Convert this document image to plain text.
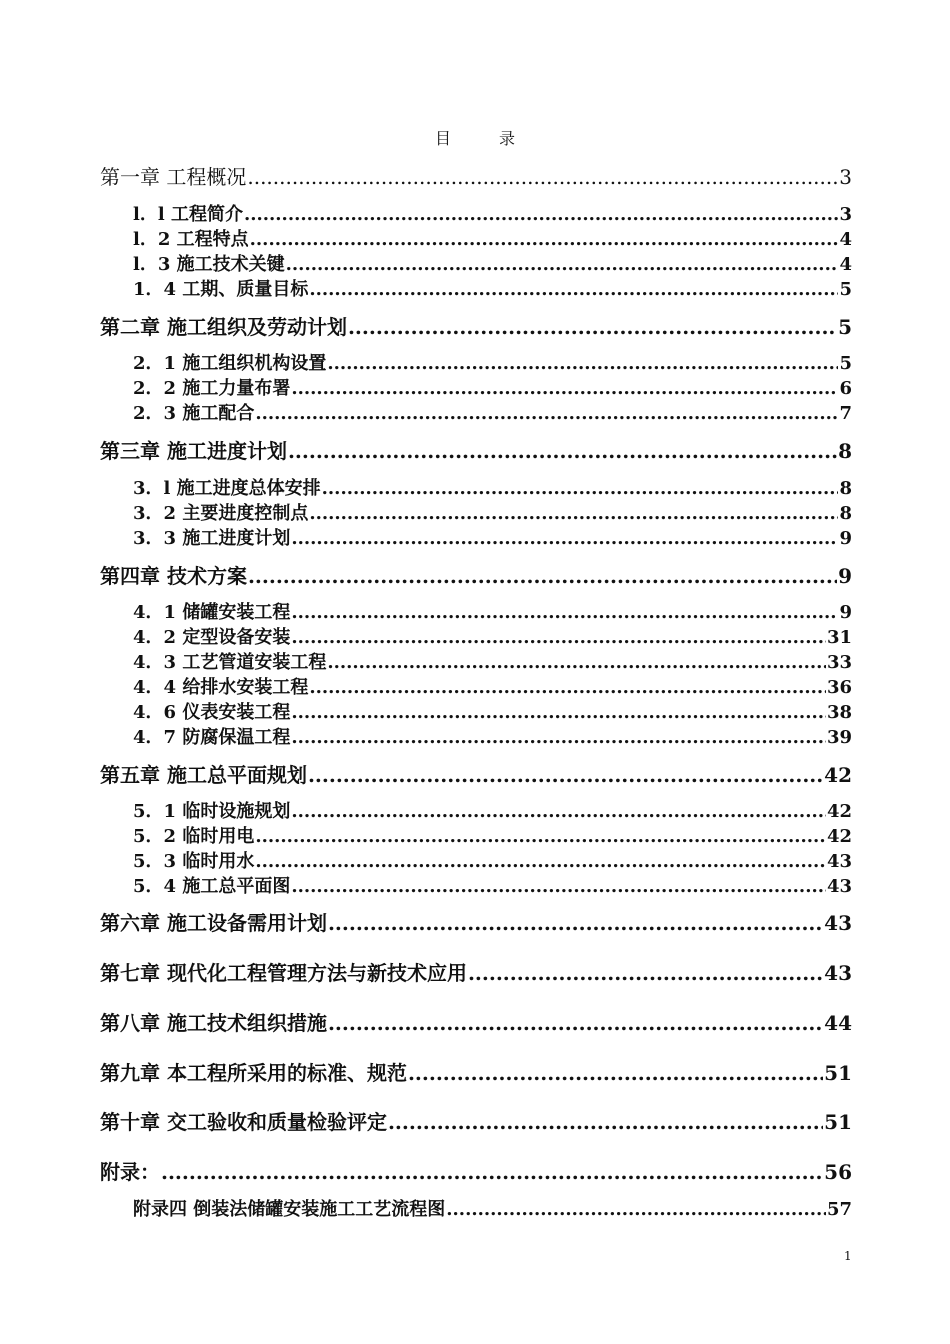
目	录
第一章 工程概况 .....	3
l．l 工程简介 .....	3
l．2 工程特点 .....	4
l．3 施工技术关键 .....	4
1．4 工期、质量目标 .....	5
第二章 施工组织及劳动计划 .....	5
2．1 施工组织机构设置 .....	5
2．2 施工力量布署 .....	6
2．3 施工配合 .....	7
第三章 施工进度计划 .....	8
3．l 施工进度总体安排 .....	8
3．2 主要进度控制点 .....	8
3．3 施工进度计划 .....	9
第四章 技术方案 .....	9
4．1 储罐安装工程 .....	9
4．2 定型设备安装 .....	31
4．3 工艺管道安装工程 .....	33
4．4 给排水安装工程 .....	36
4．6 仪表安装工程 .....	38
4．7 防腐保温工程 .....	39
第五章 施工总平面规划 .....	42
5．1 临时设施规划 .....	42
5．2 临时用电 .....	42
5．3 临时用水 .....	43
5．4 施工总平面图 .....	43
第六章 施工设备需用计划 .....	43
第七章 现代化工程管理方法与新技术应用 .....	43
第八章 施工技术组织措施 .....	44
第九章 本工程所采用的标准、规范 .....	51
第十章 交工验收和质量检验评定 .....	51
附录： .....	56
附录四 倒装法储罐安装施工工艺流程图 .....	57
1
